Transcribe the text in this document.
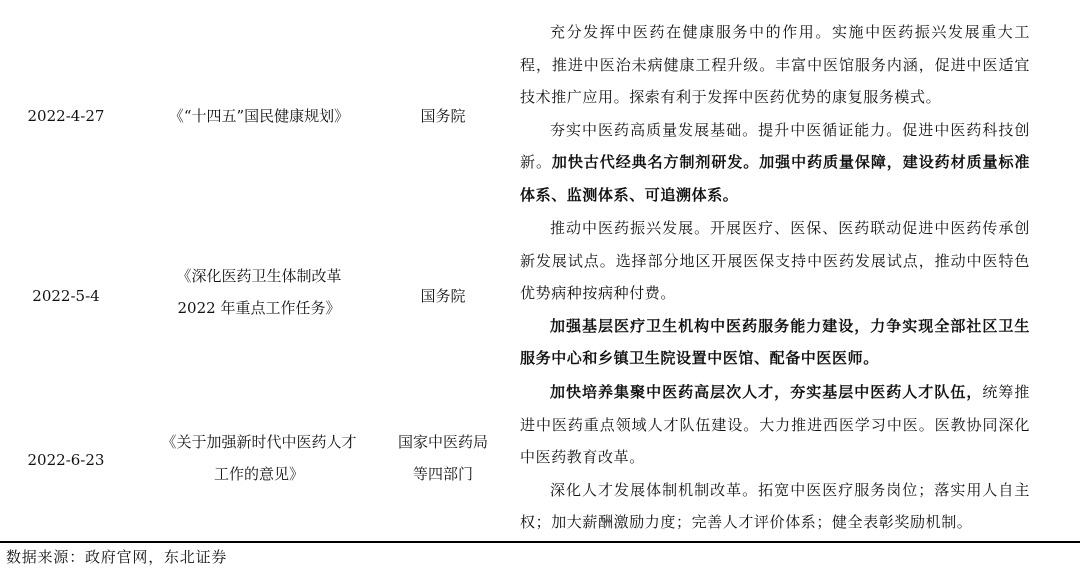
2022-4-27	《“十四五”国民健康规划》	国务院

充分发挥中医药在健康服务中的作用。实施中医药振兴发展重大工程，推进中医治未病健康工程升级。丰富中医馆服务内涵，促进中医适宜技术推广应用。探索有利于发挥中医药优势的康复服务模式。

夯实中医药高质量发展基础。提升中医循证能力。促进中医药科技创新。加快古代经典名方制剂研发。加强中药质量保障，建设药材质量标准体系、监测体系、可追溯体系。

2022-5-4
《深化医药卫生体制改革
2022 年重点工作任务》
国务院

推动中医药振兴发展。开展医疗、医保、医药联动促进中医药传承创新发展试点。选择部分地区开展医保支持中医药发展试点，推动中医特色优势病种按病种付费。

加强基层医疗卫生机构中医药服务能力建设，力争实现全部社区卫生服务中心和乡镇卫生院设置中医馆、配备中医医师。

2022-6-23
《关于加强新时代中医药人才
工作的意见》
国家中医药局
等四部门

加快培养集聚中医药高层次人才，夯实基层中医药人才队伍，统筹推进中医药重点领域人才队伍建设。大力推进西医学习中医。医教协同深化中医药教育改革。

深化人才发展体制机制改革。拓宽中医医疗服务岗位；落实用人自主权；加大薪酬激励力度；完善人才评价体系；健全表彰奖励机制。

数据来源：政府官网，东北证券
